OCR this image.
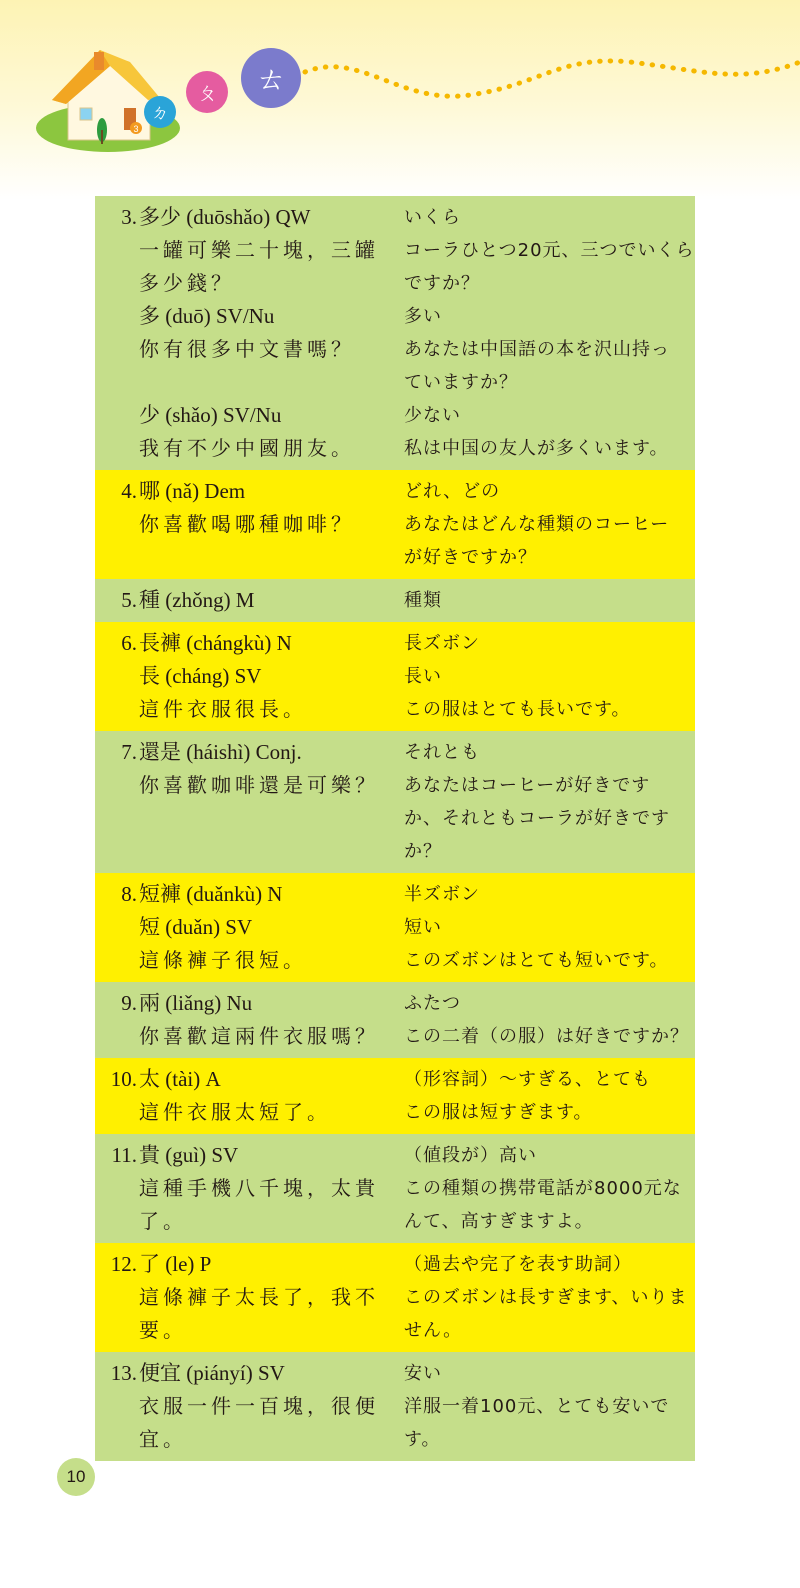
3
ㄉ
ㄆ ㄊ
3. 多少 (duōshǎo) QW	いくら
一罐可樂二十塊，三罐	コーラひとつ20元、三つでいくら
多少錢？	ですか？
多 (duō) SV/Nu	多い
你有很多中文書嗎？	あなたは中国語の本を沢山持っ
ていますか？
少 (shǎo) SV/Nu	少ない
我有不少中國朋友。	私は中国の友人が多くいます。
4. 哪 (nǎ) Dem	どれ、どの
你喜歡喝哪種咖啡？	あなたはどんな種類のコーヒー
が好きですか？
5. 種 (zhǒng) M	種類
6. 長褲 (chángkù) N	長ズボン
長 (cháng) SV	長い
這件衣服很長。	この服はとても長いです。
7. 還是 (háishì) Conj.	それとも
你喜歡咖啡還是可樂？	あなたはコーヒーが好きです
か、それともコーラが好きです
か？
8. 短褲 (duǎnkù) N	半ズボン
短 (duǎn) SV	短い
這條褲子很短。	このズボンはとても短いです。
9. 兩 (liǎng) Nu	ふたつ
你喜歡這兩件衣服嗎？	この二着（の服）は好きですか？
10. 太 (tài) A	（形容詞）〜すぎる、とても
這件衣服太短了。	この服は短すぎます。
11. 貴 (guì) SV	（値段が）高い
這種手機八千塊，太貴	この種類の携帯電話が8000元な
了。	んて、高すぎますよ。
12. 了 (le) P	（過去や完了を表す助詞）
這條褲子太長了，我不	このズボンは長すぎます、いりま
要。	せん。
13. 便宜 (piányí) SV	安い
衣服一件一百塊，很便	洋服一着100元、とても安いで
宜。	す。
10
